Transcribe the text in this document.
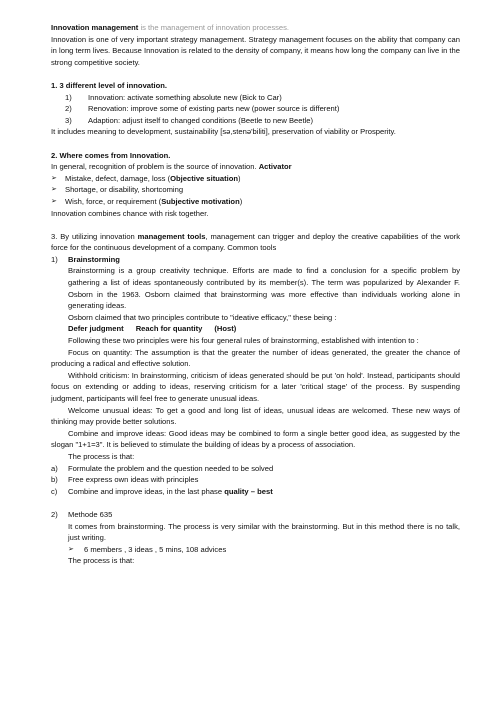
Innovation management is the management of innovation processes.

Innovation is one of very important strategy management. Strategy management focuses on the ability that company can in long term lives. Because Innovation is related to the density of company, it means how long the company can live in the strong competitive society.

1. 3 different level of innovation.

1)	Innovation: activate something absolute new (Bick to Car)
2)	Renovation: improve some of existing parts new (power source is different)
3)	Adaption: adjust itself to changed conditions (Beetle to new Beetle)

It includes meaning to development, sustainability [sə,stenə'biliti], preservation of viability or Prosperity.

2. Where comes from Innovation.

In general, recognition of problem is the source of innovation. Activator

➢	Mistake, defect, damage, loss (Objective situation)
➢	Shortage, or disability, shortcoming
➢	Wish, force, or requirement (Subjective motivation)

Innovation combines chance with risk together.

3. By utilizing innovation management tools, management can trigger and deploy the creative capabilities of the work force for the continuous development of a company. Common tools

1)	Brainstorming

Brainstorming is a group creativity technique. Efforts are made to find a conclusion for a specific problem by gathering a list of ideas spontaneously contributed by its member(s). The term was popularized by Alexander F. Osborn in the 1963. Osborn claimed that brainstorming was more effective than individuals working alone in generating ideas.

Osborn claimed that two principles contribute to "ideative efficacy," these being :

Defer judgment Reach for quantity (Host)

Following these two principles were his four general rules of brainstorming, established with intention to :

Focus on quantity: The assumption is that the greater the number of ideas generated, the greater the chance of producing a radical and effective solution.

Withhold criticism: In brainstorming, criticism of ideas generated should be put 'on hold'. Instead, participants should focus on extending or adding to ideas, reserving criticism for a later 'critical stage' of the process. By suspending judgment, participants will feel free to generate unusual ideas.

Welcome unusual ideas: To get a good and long list of ideas, unusual ideas are welcomed. These new ways of thinking may provide better solutions.

Combine and improve ideas: Good ideas may be combined to form a single better good idea, as suggested by the slogan "1+1=3". It is believed to stimulate the building of ideas by a process of association.

The process is that:

a)	Formulate the problem and the question needed to be solved
b)	Free express own ideas with principles
c)	Combine and improve ideas, in the last phase quality – best
2)	Methode 635

It comes from brainstorming. The process is very similar with the brainstorming. But in this method there is no talk, just writing.

➢	6 members , 3 ideas , 5 mins, 108 advices

The process is that:
